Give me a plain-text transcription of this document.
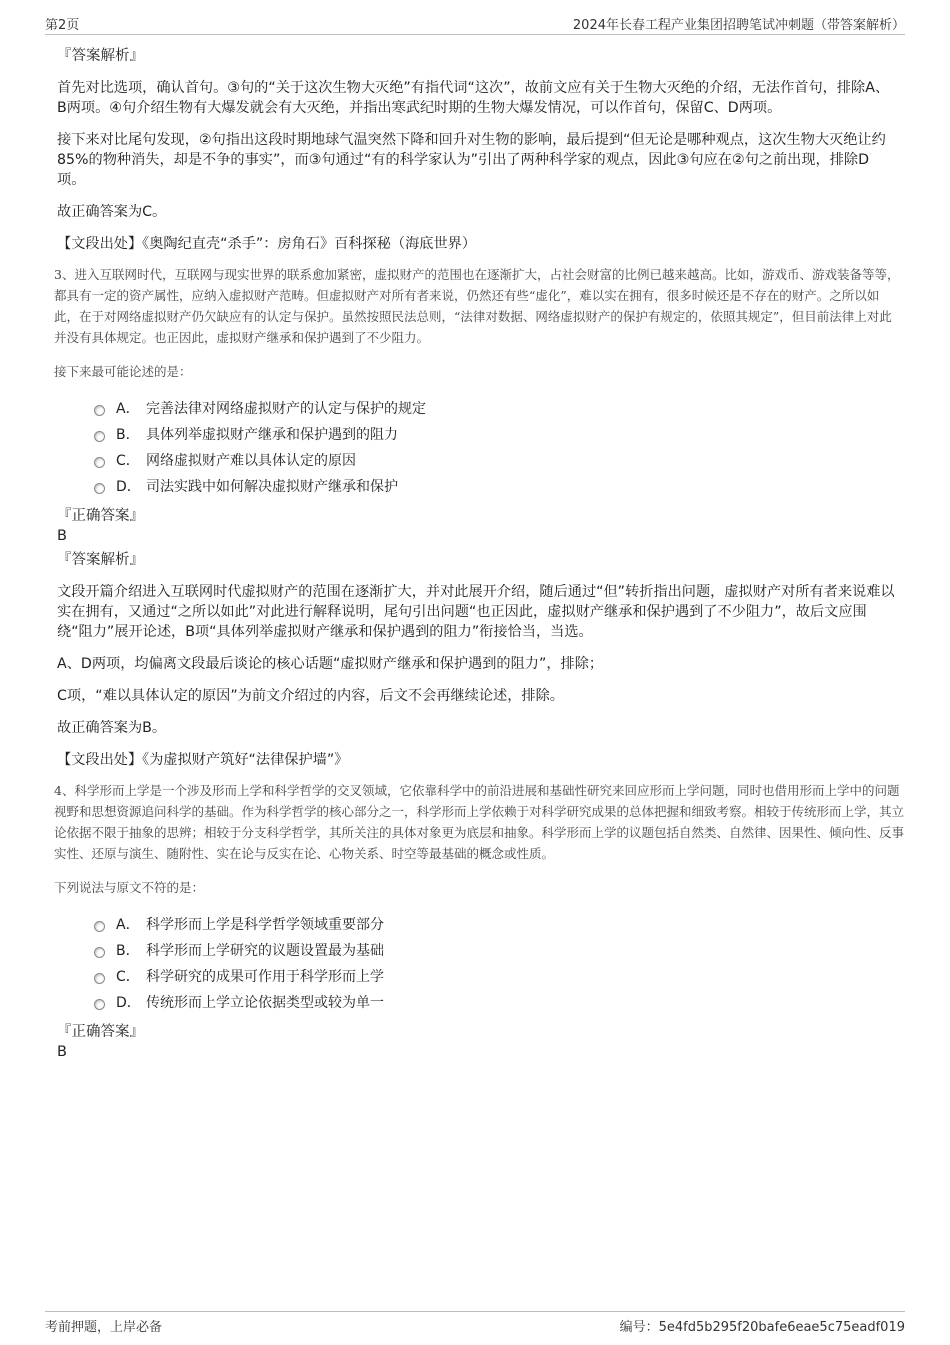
第2页	2024年长春工程产业集团招聘笔试冲刺题（带答案解析）
『答案解析』

首先对比选项，确认首句。③句的“关于这次生物大灭绝”有指代词“这次”，故前文应有关于生物大灭绝的介绍，无法作首句，排除A、B两项。④句介绍生物有大爆发就会有大灭绝，并指出寒武纪时期的生物大爆发情况，可以作首句，保留C、D两项。

接下来对比尾句发现，②句指出这段时期地球气温突然下降和回升对生物的影响，最后提到“但无论是哪种观点，这次生物大灭绝让约85%的物种消失，却是不争的事实”，而③句通过“有的科学家认为”引出了两种科学家的观点，因此③句应在②句之前出现，排除D项。

故正确答案为C。

【文段出处】《奥陶纪直壳“杀手”：房角石》百科探秘（海底世界）
3、进入互联网时代，互联网与现实世界的联系愈加紧密，虚拟财产的范围也在逐渐扩大，占社会财富的比例已越来越高。比如，游戏币、游戏装备等等，都具有一定的资产属性，应纳入虚拟财产范畴。但虚拟财产对所有者来说，仍然还有些“虚化”，难以实在拥有，很多时候还是不存在的财产。之所以如此，在于对网络虚拟财产仍欠缺应有的认定与保护。虽然按照民法总则，“法律对数据、网络虚拟财产的保护有规定的，依照其规定”，但目前法律上对此并没有具体规定。也正因此，虚拟财产继承和保护遇到了不少阻力。
接下来最可能论述的是：
A． 完善法律对网络虚拟财产的认定与保护的规定
B． 具体列举虚拟财产继承和保护遇到的阻力
C． 网络虚拟财产难以具体认定的原因
D． 司法实践中如何解决虚拟财产继承和保护
『正确答案』
B
『答案解析』

文段开篇介绍进入互联网时代虚拟财产的范围在逐渐扩大，并对此展开介绍，随后通过“但”转折指出问题，虚拟财产对所有者来说难以实在拥有，又通过“之所以如此”对此进行解释说明，尾句引出问题“也正因此，虚拟财产继承和保护遇到了不少阻力”，故后文应围绕“阻力”展开论述，B项“具体列举虚拟财产继承和保护遇到的阻力”衔接恰当，当选。

A、D两项，均偏离文段最后谈论的核心话题“虚拟财产继承和保护遇到的阻力”，排除；

C项，“难以具体认定的原因”为前文介绍过的内容，后文不会再继续论述，排除。

故正确答案为B。

【文段出处】《为虚拟财产筑好“法律保护墙”》
4、科学形而上学是一个涉及形而上学和科学哲学的交叉领域，它依靠科学中的前沿进展和基础性研究来回应形而上学问题，同时也借用形而上学中的问题视野和思想资源追问科学的基础。作为科学哲学的核心部分之一，科学形而上学依赖于对科学研究成果的总体把握和细致考察。相较于传统形而上学，其立论依据不限于抽象的思辨；相较于分支科学哲学，其所关注的具体对象更为底层和抽象。科学形而上学的议题包括自然类、自然律、因果性、倾向性、反事实性、还原与演生、随附性、实在论与反实在论、心物关系、时空等最基础的概念或性质。
下列说法与原文不符的是：
A． 科学形而上学是科学哲学领域重要部分
B． 科学形而上学研究的议题设置最为基础
C． 科学研究的成果可作用于科学形而上学
D． 传统形而上学立论依据类型或较为单一
『正确答案』
B
考前押题，上岸必备	编号：5e4fd5b295f20bafe6eae5c75eadf019
